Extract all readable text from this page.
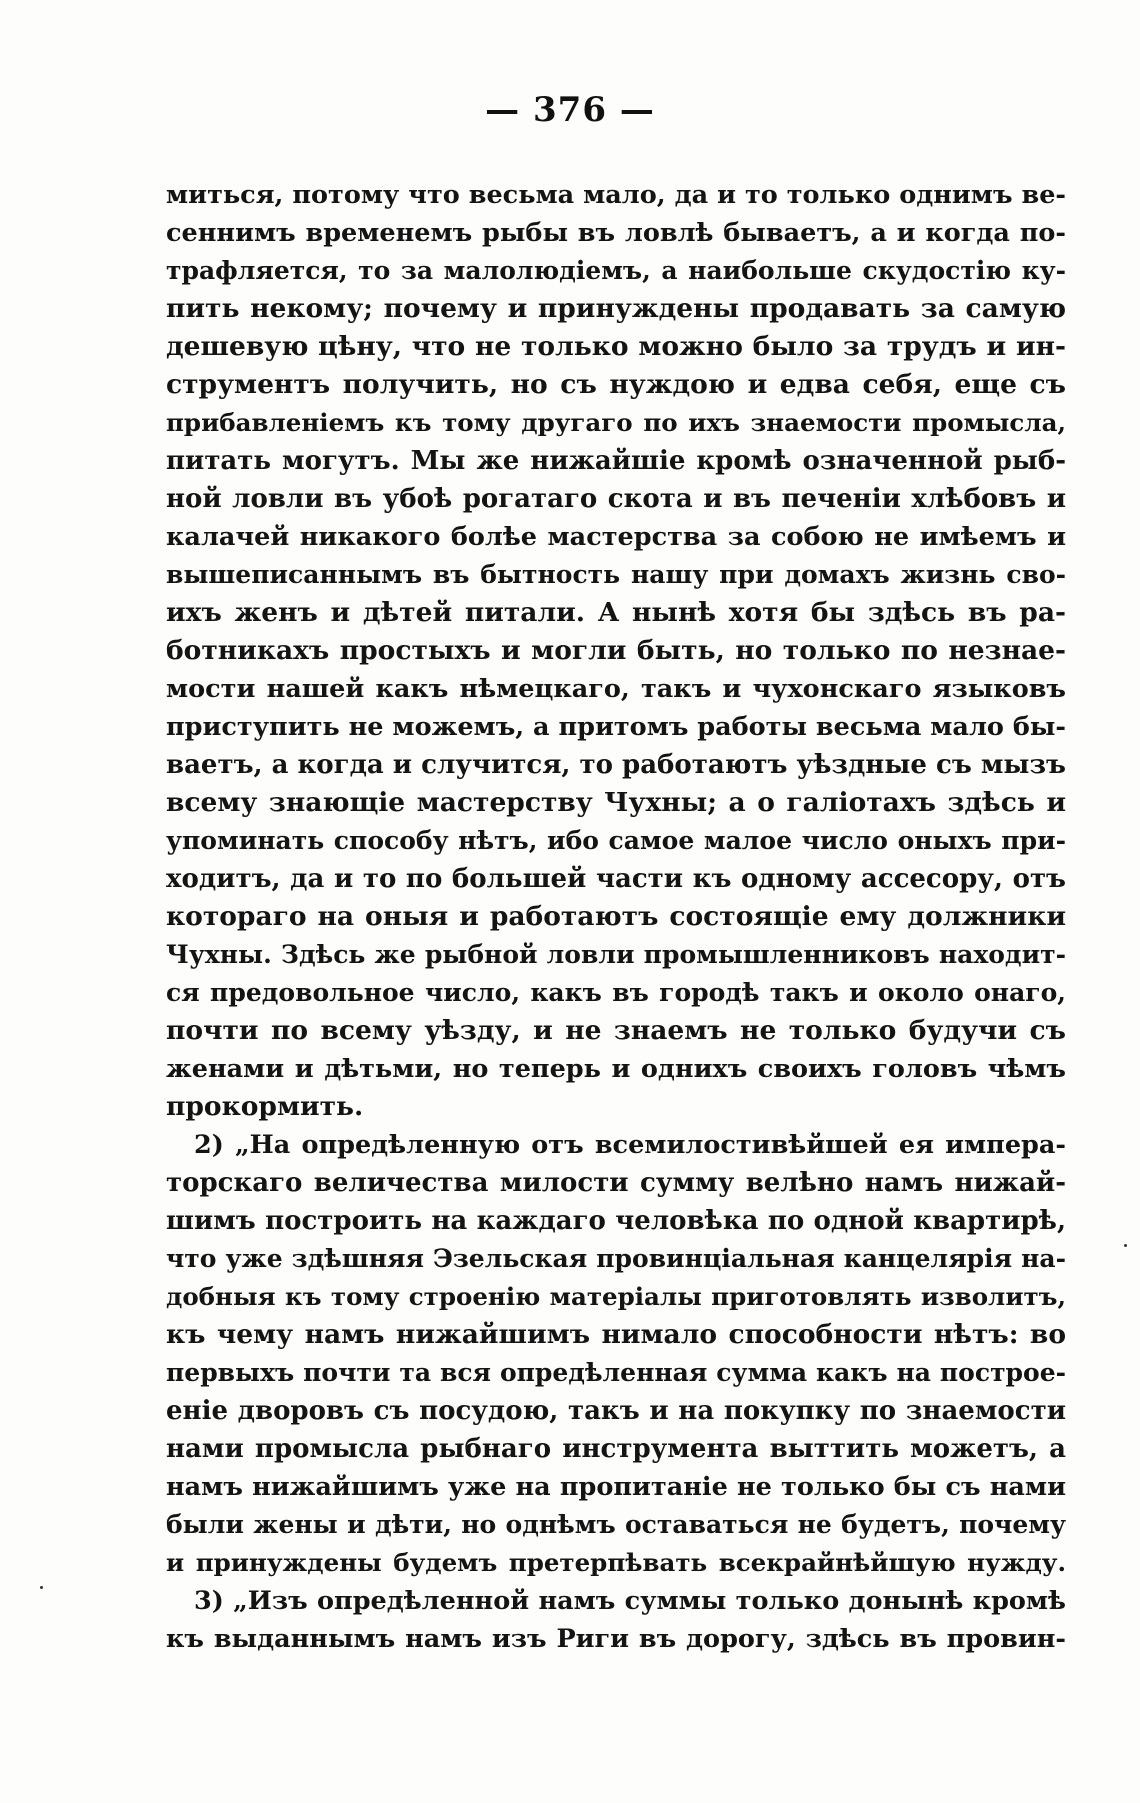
— 376 —
миться, потому что весьма мало, да и то только однимъ ве-
сеннимъ временемъ рыбы въ ловлѣ бываетъ, а и когда по-
трафляется, то за малолюдіемъ, а наибольше скудостію ку-
пить некому; почему и принуждены продавать за самую
дешевую цѣну, что не только можно было за трудъ и ин-
струментъ получить, но съ нуждою и едва себя, еще съ
прибавленіемъ къ тому другаго по ихъ знаемости промысла,
питать могутъ. Мы же нижайшіе кромѣ означенной рыб-
ной ловли въ убоѣ рогатаго скота и въ печеніи хлѣбовъ и
калачей никакого болѣе мастерства за собою не имѣемъ и
вышеписаннымъ въ бытность нашу при домахъ жизнь сво-
ихъ женъ и дѣтей питали. А нынѣ хотя бы здѣсь въ ра-
ботникахъ простыхъ и могли быть, но только по незнае-
мости нашей какъ нѣмецкаго, такъ и чухонскаго языковъ
приступить не можемъ, а притомъ работы весьма мало бы-
ваетъ, а когда и случится, то работаютъ уѣздные съ мызъ
всему знающіе мастерству Чухны; а о галіотахъ здѣсь и
упоминать способу нѣтъ, ибо самое малое число оныхъ при-
ходитъ, да и то по большей части къ одному ассесору, отъ
котораго на оныя и работаютъ состоящіе ему должники
Чухны. Здѣсь же рыбной ловли промышленниковъ находит-
ся предовольное число, какъ въ городѣ такъ и около онаго,
почти по всему уѣзду, и не знаемъ не только будучи съ
женами и дѣтьми, но теперь и однихъ своихъ головъ чѣмъ
прокормить.
2) „На опредѣленную отъ всемилостивѣйшей ея импера-
торскаго величества милости сумму велѣно намъ нижай-
шимъ построить на каждаго человѣка по одной квартирѣ,
что уже здѣшняя Эзельская провинціальная канцелярія на-
добныя къ тому строенію матеріалы приготовлять изволитъ,
къ чему намъ нижайшимъ нимало способности нѣтъ: во
первыхъ почти та вся опредѣленная сумма какъ на построе-
еніе дворовъ съ посудою, такъ и на покупку по знаемости
нами промысла рыбнаго инструмента выттить можетъ, а
намъ нижайшимъ уже на пропитаніе не только бы съ нами
были жены и дѣти, но однѣмъ оставаться не будетъ, почему
и принуждены будемъ претерпѣвать всекрайнѣйшую нужду.
3) „Изъ опредѣленной намъ суммы только донынѣ кромѣ
къ выданнымъ намъ изъ Риги въ дорогу, здѣсь въ провин-
